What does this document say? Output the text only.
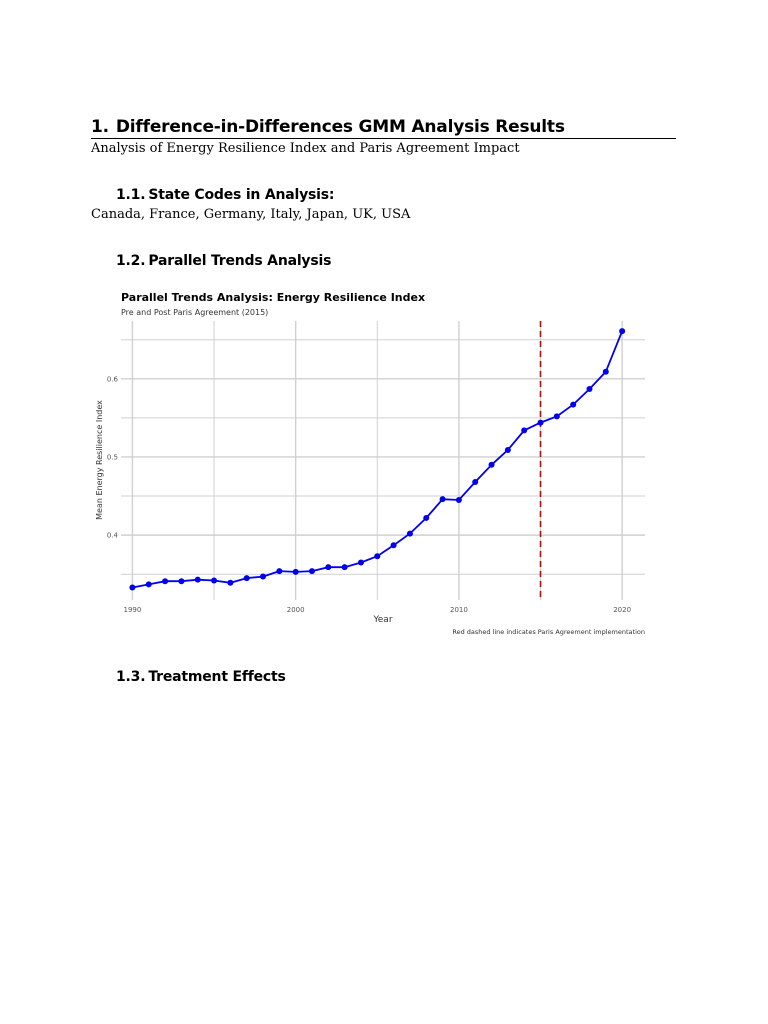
1. Difference-in-Differences GMM Analysis Results
Analysis of Energy Resilience Index and Paris Agreement Impact
1.1. State Codes in Analysis:
Canada, France, Germany, Italy, Japan, UK, USA
1.2. Parallel Trends Analysis
Parallel Trends Analysis: Energy Resilience Index
Pre and Post Paris Agreement (2015)
0.4
0.5
0.6
1990	2000	2010	2020
Year
Mean Energy Resilience Index
Red dashed line indicates Paris Agreement implementation
1.3. Treatment Effects
